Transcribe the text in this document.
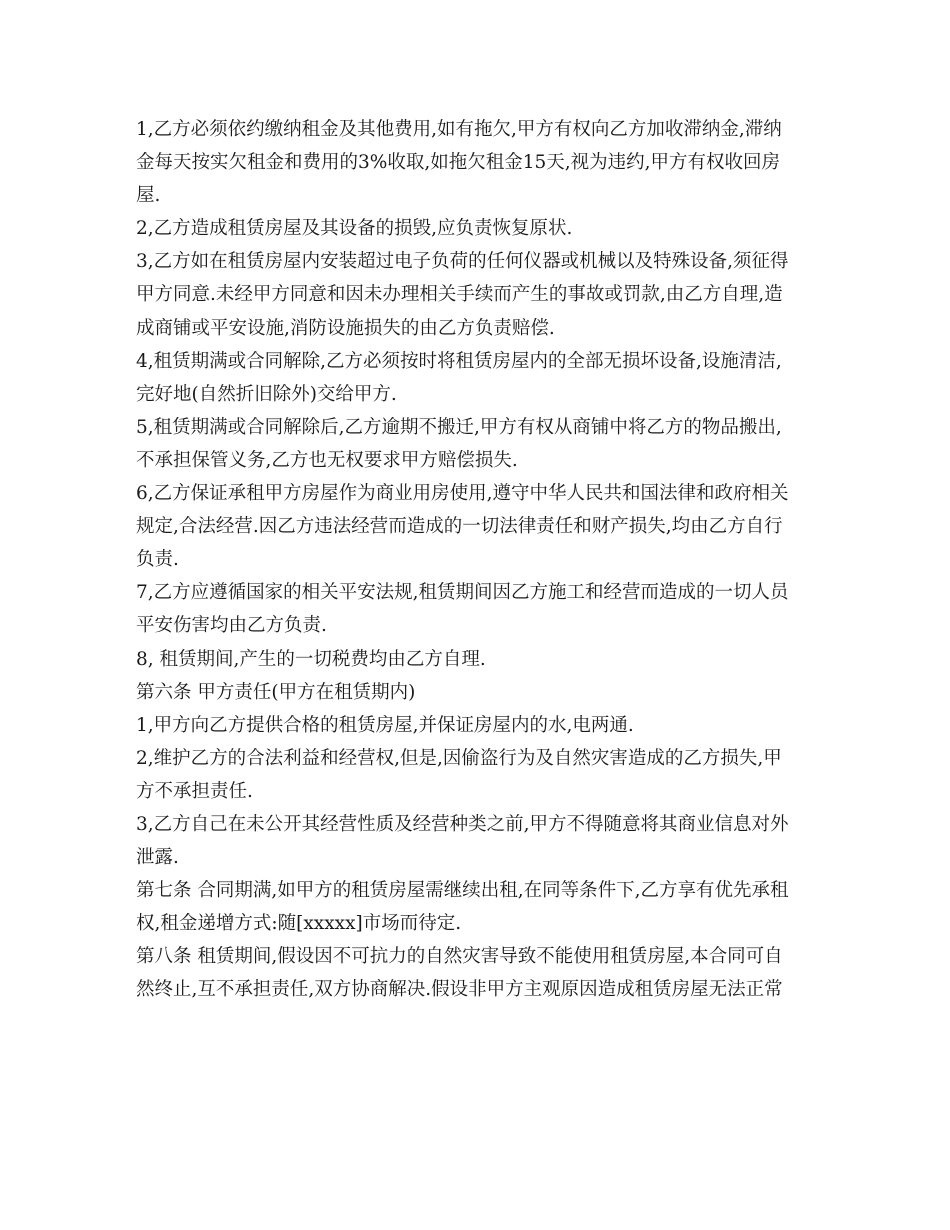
1,乙方必须依约缴纳租金及其他费用,如有拖欠,甲方有权向乙方加收滞纳金,滞纳
金每天按实欠租金和费用的3%收取,如拖欠租金15天,视为违约,甲方有权收回房
屋.
2,乙方造成租赁房屋及其设备的损毁,应负责恢复原状.
3,乙方如在租赁房屋内安装超过电子负荷的任何仪器或机械以及特殊设备,须征得
甲方同意.未经甲方同意和因未办理相关手续而产生的事故或罚款,由乙方自理,造
成商铺或平安设施,消防设施损失的由乙方负责赔偿.
4,租赁期满或合同解除,乙方必须按时将租赁房屋内的全部无损坏设备,设施清洁,
完好地(自然折旧除外)交给甲方.
5,租赁期满或合同解除后,乙方逾期不搬迁,甲方有权从商铺中将乙方的物品搬出,
不承担保管义务,乙方也无权要求甲方赔偿损失.
6,乙方保证承租甲方房屋作为商业用房使用,遵守中华人民共和国法律和政府相关
规定,合法经营.因乙方违法经营而造成的一切法律责任和财产损失,均由乙方自行
负责.
7,乙方应遵循国家的相关平安法规,租赁期间因乙方施工和经营而造成的一切人员
平安伤害均由乙方负责.
8, 租赁期间,产生的一切税费均由乙方自理.
第六条 甲方责任(甲方在租赁期内)
1,甲方向乙方提供合格的租赁房屋,并保证房屋内的水,电两通.
2,维护乙方的合法利益和经营权,但是,因偷盗行为及自然灾害造成的乙方损失,甲
方不承担责任.
3,乙方自己在未公开其经营性质及经营种类之前,甲方不得随意将其商业信息对外
泄露.
第七条 合同期满,如甲方的租赁房屋需继续出租,在同等条件下,乙方享有优先承租
权,租金递增方式:随[xxxxx]市场而待定.
第八条 租赁期间,假设因不可抗力的自然灾害导致不能使用租赁房屋,本合同可自
然终止,互不承担责任,双方协商解决.假设非甲方主观原因造成租赁房屋无法正常
